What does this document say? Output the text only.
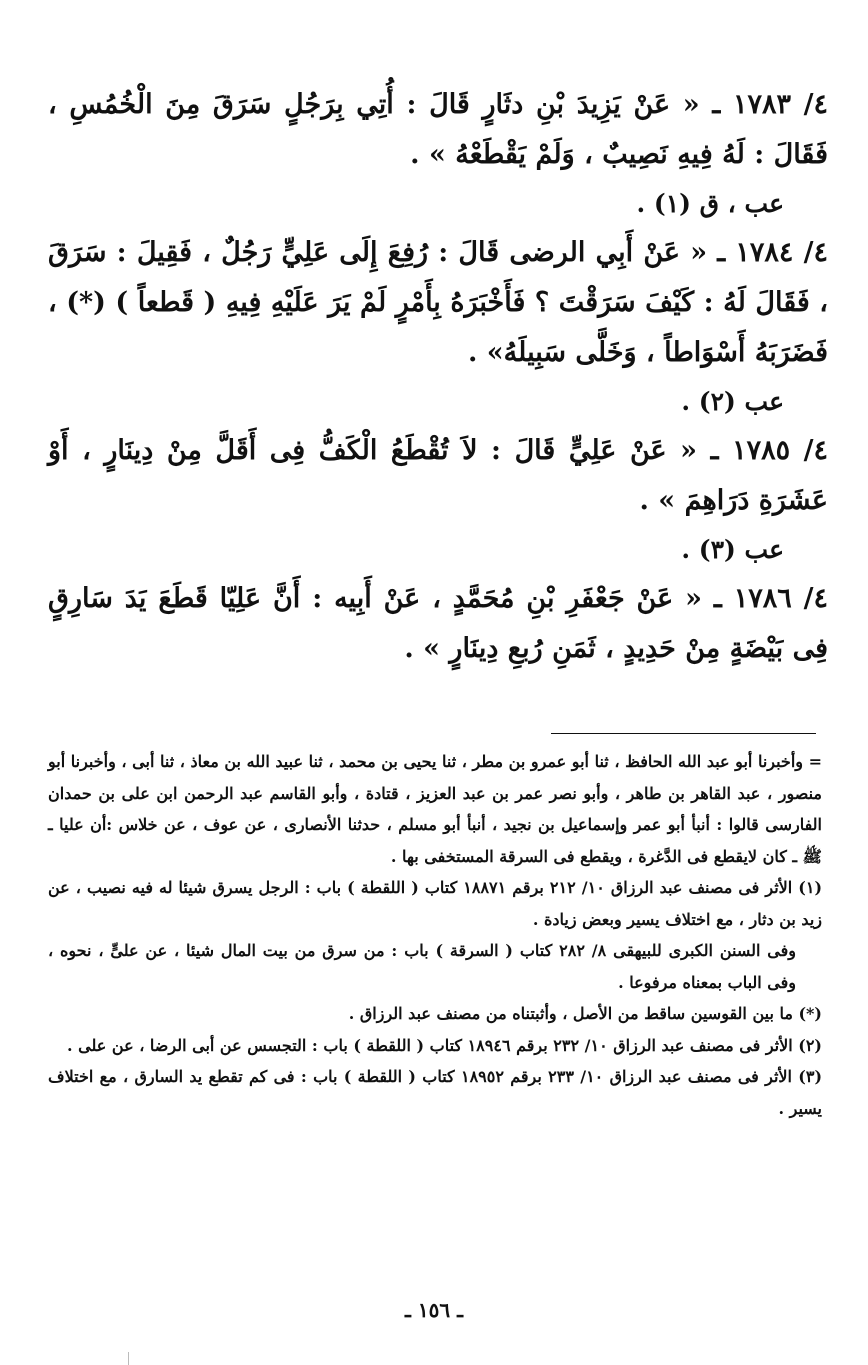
٤/ ١٧٨٣ ـ « عَنْ يَزِيدَ بْنِ دثَارٍ قَالَ : أُتِي بِرَجُلٍ سَرَقَ مِنَ الْخُمُسِ ، فَقَالَ : لَهُ فِيهِ نَصِيبٌ ، وَلَمْ يَقْطَعْهُ » .

عب ، ق (١) .

٤/ ١٧٨٤ ـ « عَنْ أَبِي الرضى قَالَ : رُفِعَ إِلَى عَلِيٍّ رَجُلٌ ، فَقِيلَ : سَرَقَ ، فَقَالَ لَهُ : كَيْفَ سَرَقْتَ ؟ فَأَخْبَرَهُ بِأَمْرٍ لَمْ يَرَ عَلَيْهِ فِيهِ ( قَطعاً ) (*) ، فَضَرَبَهُ أَسْوَاطاً ، وَخَلَّى سَبِيلَهُ» .

عب (٢) .

٤/ ١٧٨٥ ـ « عَنْ عَلِيٍّ قَالَ : لاَ تُقْطَعُ الْكَفُّ فِى أَقَلَّ مِنْ دِينَارٍ ، أَوْ عَشَرَةِ دَرَاهِمَ » .

عب (٣) .

٤/ ١٧٨٦ ـ « عَنْ جَعْفَرِ بْنِ مُحَمَّدٍ ، عَنْ أَبِيه : أَنَّ عَلِيّا قَطَعَ يَدَ سَارِقٍ فِى بَيْضَةٍ مِنْ حَدِيدٍ ، ثَمَنِ رُبعِ دِينَارٍ » .

= وأخبرنا أبو عبد الله الحافظ ، ثنا أبو عمرو بن مطر ، ثنا يحيى بن محمد ، ثنا عبيد الله بن معاذ ، ثنا أبى ، وأخبرنا أبو منصور ، عبد القاهر بن طاهر ، وأبو نصر عمر بن عبد العزيز ، قتادة ، وأبو القاسم عبد الرحمن ابن على بن حمدان الفارسى قالوا : أنبأ أبو عمر وإسماعيل بن نجيد ، أنبأ أبو مسلم ، حدثنا الأنصارى ، عن عوف ، عن خلاس :أن عليا ـ ﷺ ـ كان لايقطع فى الدَّغرة ، ويقطع فى السرقة المستخفى بها .

(١) الأثر فى مصنف عبد الرزاق ١٠/ ٢١٢ برقم ١٨٨٧١ كتاب ( اللقطة ) باب : الرجل يسرق شيئا له فيه نصيب ، عن زيد بن دثار ، مع اختلاف يسير وبعض زيادة .

وفى السنن الكبرى للبيهقى ٨/ ٢٨٢ كتاب ( السرقة ) باب : من سرق من بيت المال شيئا ، عن علىٍّ ، نحوه ، وفى الباب بمعناه مرفوعا .

(*) ما بين القوسين ساقط من الأصل ، وأثبتناه من مصنف عبد الرزاق .

(٢) الأثر فى مصنف عبد الرزاق ١٠/ ٢٣٢ برقم ١٨٩٤٦ كتاب ( اللقطة ) باب : التجسس عن أبى الرضا ، عن على .

(٣) الأثر فى مصنف عبد الرزاق ١٠/ ٢٣٣ برقم ١٨٩٥٢ كتاب ( اللقطة ) باب : فى كم تقطع يد السارق ، مع اختلاف يسير .

ـ ١٥٦ ـ
